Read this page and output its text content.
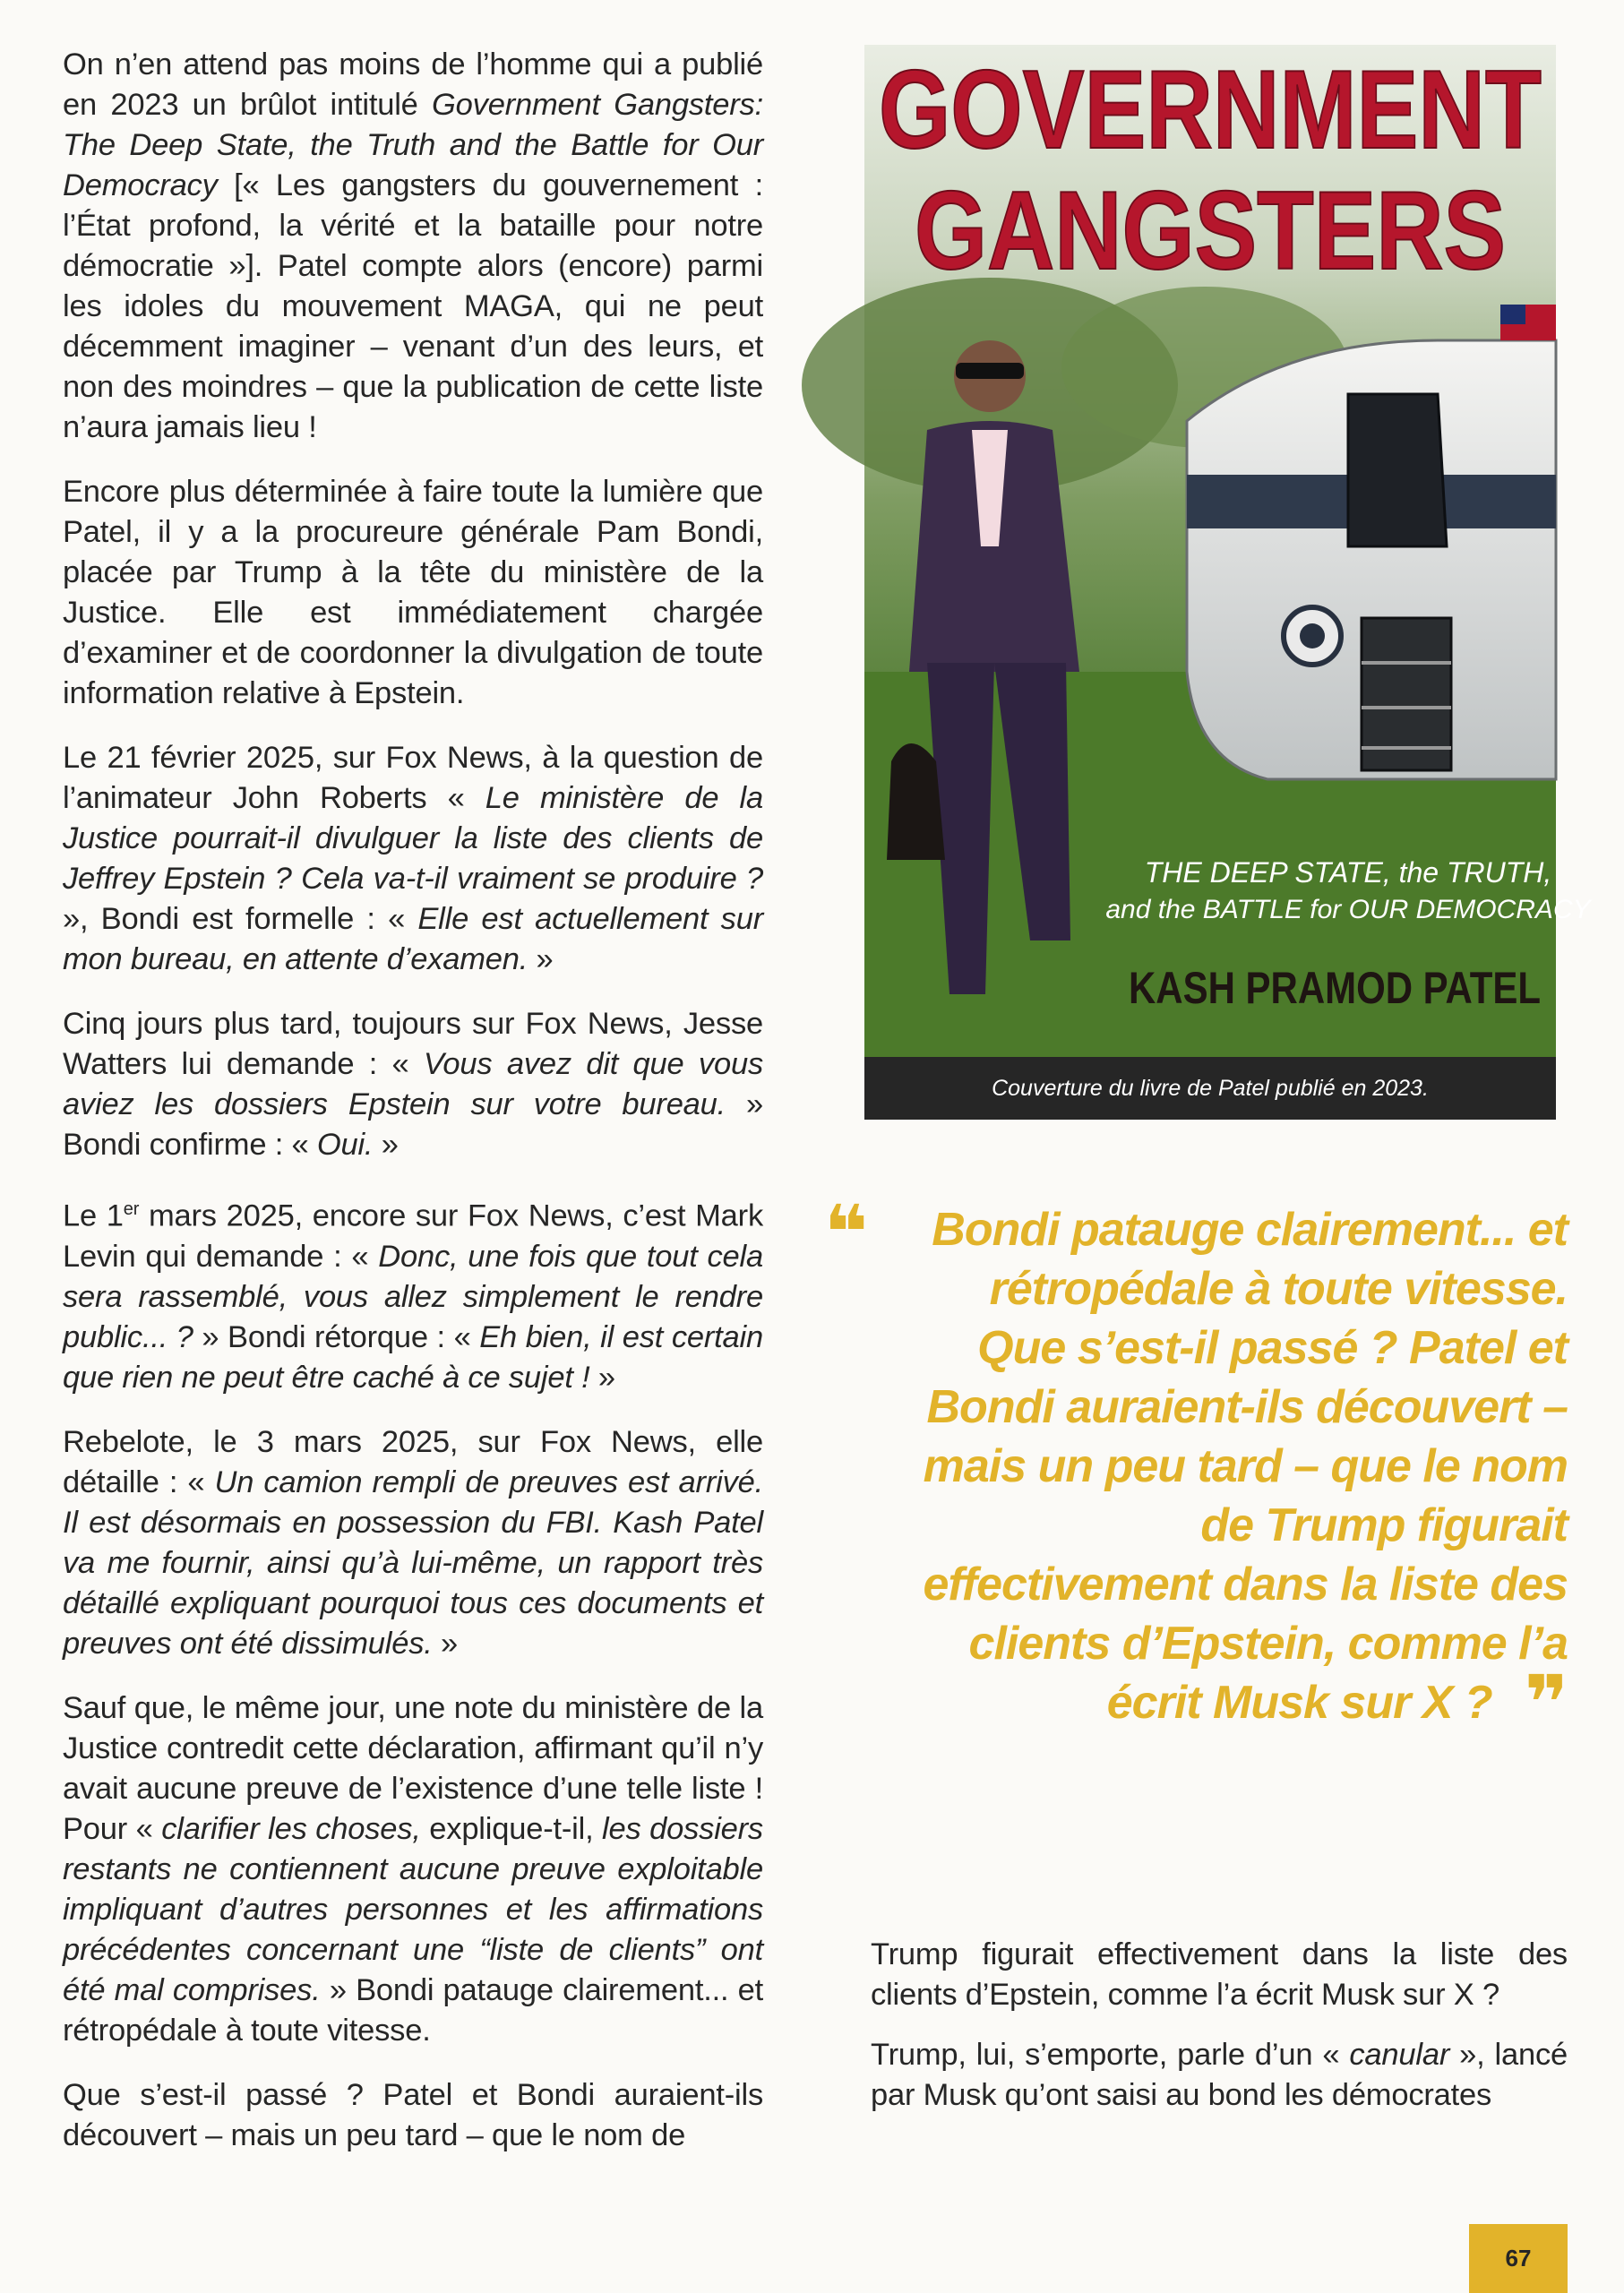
On n’en attend pas moins de l’homme qui a publié en 2023 un brûlot intitulé Government Gangsters: The Deep State, the Truth and the Battle for Our Democracy [« Les gangsters du gouvernement : l’État profond, la vérité et la bataille pour notre démocratie »]. Patel compte alors (encore) parmi les idoles du mouvement MAGA, qui ne peut décemment imaginer – venant d’un des leurs, et non des moindres – que la publication de cette liste n’aura jamais lieu !

Encore plus déterminée à faire toute la lumière que Patel, il y a la procureure générale Pam Bondi, placée par Trump à la tête du ministère de la Justice. Elle est immédiatement chargée d’examiner et de coordonner la divulgation de toute information relative à Epstein.

Le 21 février 2025, sur Fox News, à la question de l’animateur John Roberts « Le ministère de la Justice pourrait-il divulguer la liste des clients de Jeffrey Epstein ? Cela va-t-il vraiment se produire ? », Bondi est formelle : « Elle est actuellement sur mon bureau, en attente d’examen. »

Cinq jours plus tard, toujours sur Fox News, Jesse Watters lui demande : « Vous avez dit que vous aviez les dossiers Epstein sur votre bureau. » Bondi confirme : « Oui. »

Le 1er mars 2025, encore sur Fox News, c’est Mark Levin qui demande : « Donc, une fois que tout cela sera rassemblé, vous allez simplement le rendre public... ? » Bondi rétorque : « Eh bien, il est certain que rien ne peut être caché à ce sujet ! »

Rebelote, le 3 mars 2025, sur Fox News, elle détaille : « Un camion rempli de preuves est arrivé. Il est désormais en possession du FBI. Kash Patel va me fournir, ainsi qu’à lui-même, un rapport très détaillé expliquant pourquoi tous ces documents et preuves ont été dissimulés. »

Sauf que, le même jour, une note du ministère de la Justice contredit cette déclaration, affirmant qu’il n’y avait aucune preuve de l’existence d’une telle liste ! Pour « clarifier les choses, explique-t-il, les dossiers restants ne contiennent aucune preuve exploitable impliquant d’autres personnes et les affirmations précédentes concernant une “liste de clients” ont été mal comprises. » Bondi patauge clairement... et rétropédale à toute vitesse.

Que s’est-il passé ? Patel et Bondi auraient-ils découvert – mais un peu tard – que le nom de

GOVERNMENT
GANGSTERS
THE DEEP STATE, the TRUTH,
and the BATTLE for OUR DEMOCRACY
KASH PRAMOD PATEL
Couverture du livre de Patel publié en 2023.
❝	Bondi patauge clairement... et rétropédale à toute vitesse. Que s’est-il passé ? Patel et Bondi auraient-ils découvert – mais un peu tard – que le nom de Trump figurait effectivement dans la liste des clients d’Epstein, comme l’a écrit Musk sur X ? ❞

Trump figurait effectivement dans la liste des clients d’Epstein, comme l’a écrit Musk sur X ?

Trump, lui, s’emporte, parle d’un « canular », lancé par Musk qu’ont saisi au bond les démocrates

67
